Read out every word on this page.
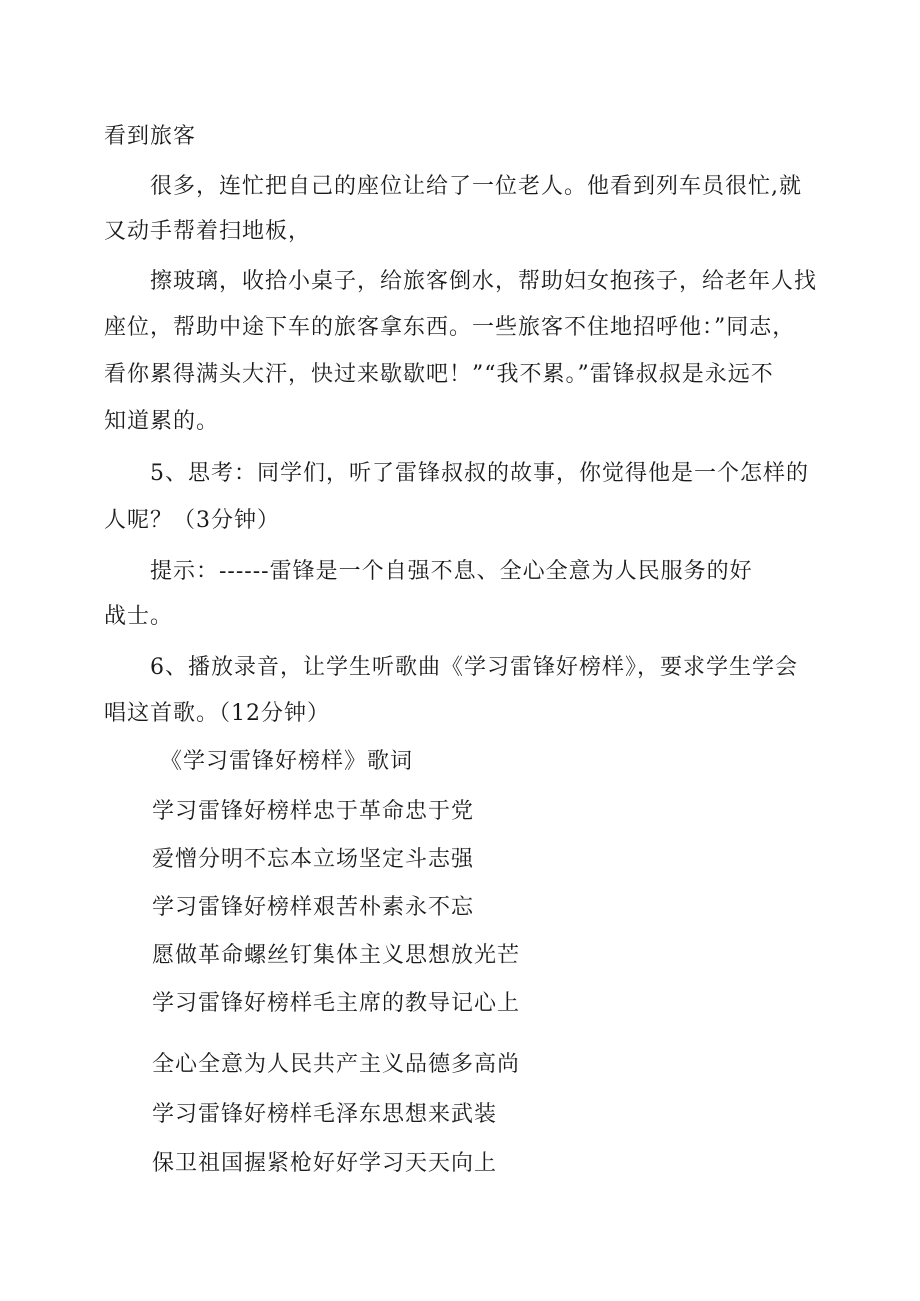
看到旅客
很多，连忙把自己的座位让给了一位老人。他看到列车员很忙,就
又动手帮着扫地板，
擦玻璃，收拾小桌子，给旅客倒水，帮助妇女抱孩子，给老年人找
座位，帮助中途下车的旅客拿东西。一些旅客不住地招呼他：”同志，
看你累得满头大汗，快过来歇歇吧！”“我不累。”雷锋叔叔是永远不
知道累的。
5、思考：同学们，听了雷锋叔叔的故事，你觉得他是一个怎样的
人呢？（3分钟）
提示：------雷锋是一个自强不息、全心全意为人民服务的好
战士。
6、播放录音，让学生听歌曲《学习雷锋好榜样》，要求学生学会
唱这首歌。（12分钟）
《学习雷锋好榜样》歌词
学习雷锋好榜样忠于革命忠于党
爱憎分明不忘本立场坚定斗志强
学习雷锋好榜样艰苦朴素永不忘
愿做革命螺丝钉集体主义思想放光芒
学习雷锋好榜样毛主席的教导记心上
全心全意为人民共产主义品德多高尚
学习雷锋好榜样毛泽东思想来武装
保卫祖国握紧枪好好学习天天向上
